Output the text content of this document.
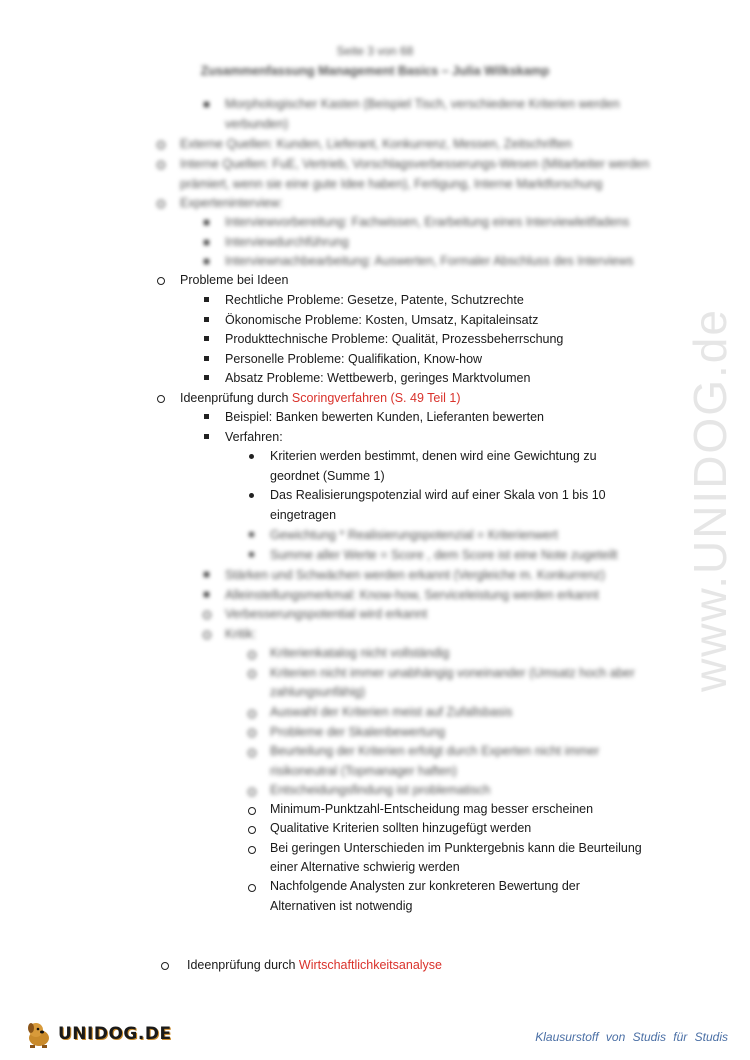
Seite 3 von 68
Zusammenfassung Management Basics – Julia Wilkskamp
Morphologischer Kasten (Beispiel Tisch, verschiedene Kriterien werden
verbunden)
Externe Quellen: Kunden, Lieferant, Konkurrenz, Messen, Zeitschriften
Interne Quellen: FuE, Vertrieb, Vorschlagsverbesserungs-Wesen (Mitarbeiter werden
prämiert, wenn sie eine gute Idee haben), Fertigung, Interne Marktforschung
Experteninterview:
Interviewvorbereitung: Fachwissen, Erarbeitung eines Interviewleitfadens
Interviewdurchführung
Interviewnachbearbeitung: Auswerten, Formaler Abschluss des Interviews
Probleme bei Ideen
Rechtliche Probleme: Gesetze, Patente, Schutzrechte
Ökonomische Probleme: Kosten, Umsatz, Kapitaleinsatz
Produkttechnische Probleme: Qualität, Prozessbeherrschung
Personelle Probleme: Qualifikation, Know-how
Absatz Probleme: Wettbewerb, geringes Marktvolumen
Ideenprüfung durch Scoringverfahren (S. 49 Teil 1)
Beispiel: Banken bewerten Kunden, Lieferanten bewerten
Verfahren:
Kriterien werden bestimmt, denen wird eine Gewichtung zu
geordnet (Summe 1)
Das Realisierungspotenzial wird auf einer Skala von 1 bis 10
eingetragen
Gewichtung * Realisierungspotenzial = Kriterienwert
Summe aller Werte = Score , dem Score ist eine Note zugeteilt
Stärken und Schwächen werden erkannt (Vergleiche m. Konkurrenz)
Alleinstellungsmerkmal: Know-how, Serviceleistung werden erkannt
Verbesserungspotential wird erkannt
Kritik:
Kriterienkatalog nicht vollständig
Kriterien nicht immer unabhängig voneinander (Umsatz hoch aber
zahlungsunfähig)
Auswahl der Kriterien meist auf Zufallsbasis
Probleme der Skalenbewertung
Beurteilung der Kriterien erfolgt durch Experten nicht immer
risikoneutral (Topmanager haften)
Entscheidungsfindung ist problematisch
Minimum-Punktzahl-Entscheidung mag besser erscheinen
Qualitative Kriterien sollten hinzugefügt werden
Bei geringen Unterschieden im Punktergebnis kann die Beurteilung
einer Alternative schwierig werden
Nachfolgende Analysten zur konkreteren Bewertung der
Alternativen ist notwendig
Ideenprüfung durch Wirtschaftlichkeitsanalyse
www.UNIDOG.de
UNIDOG.DE	Klausurstoff von Studis für Studis
